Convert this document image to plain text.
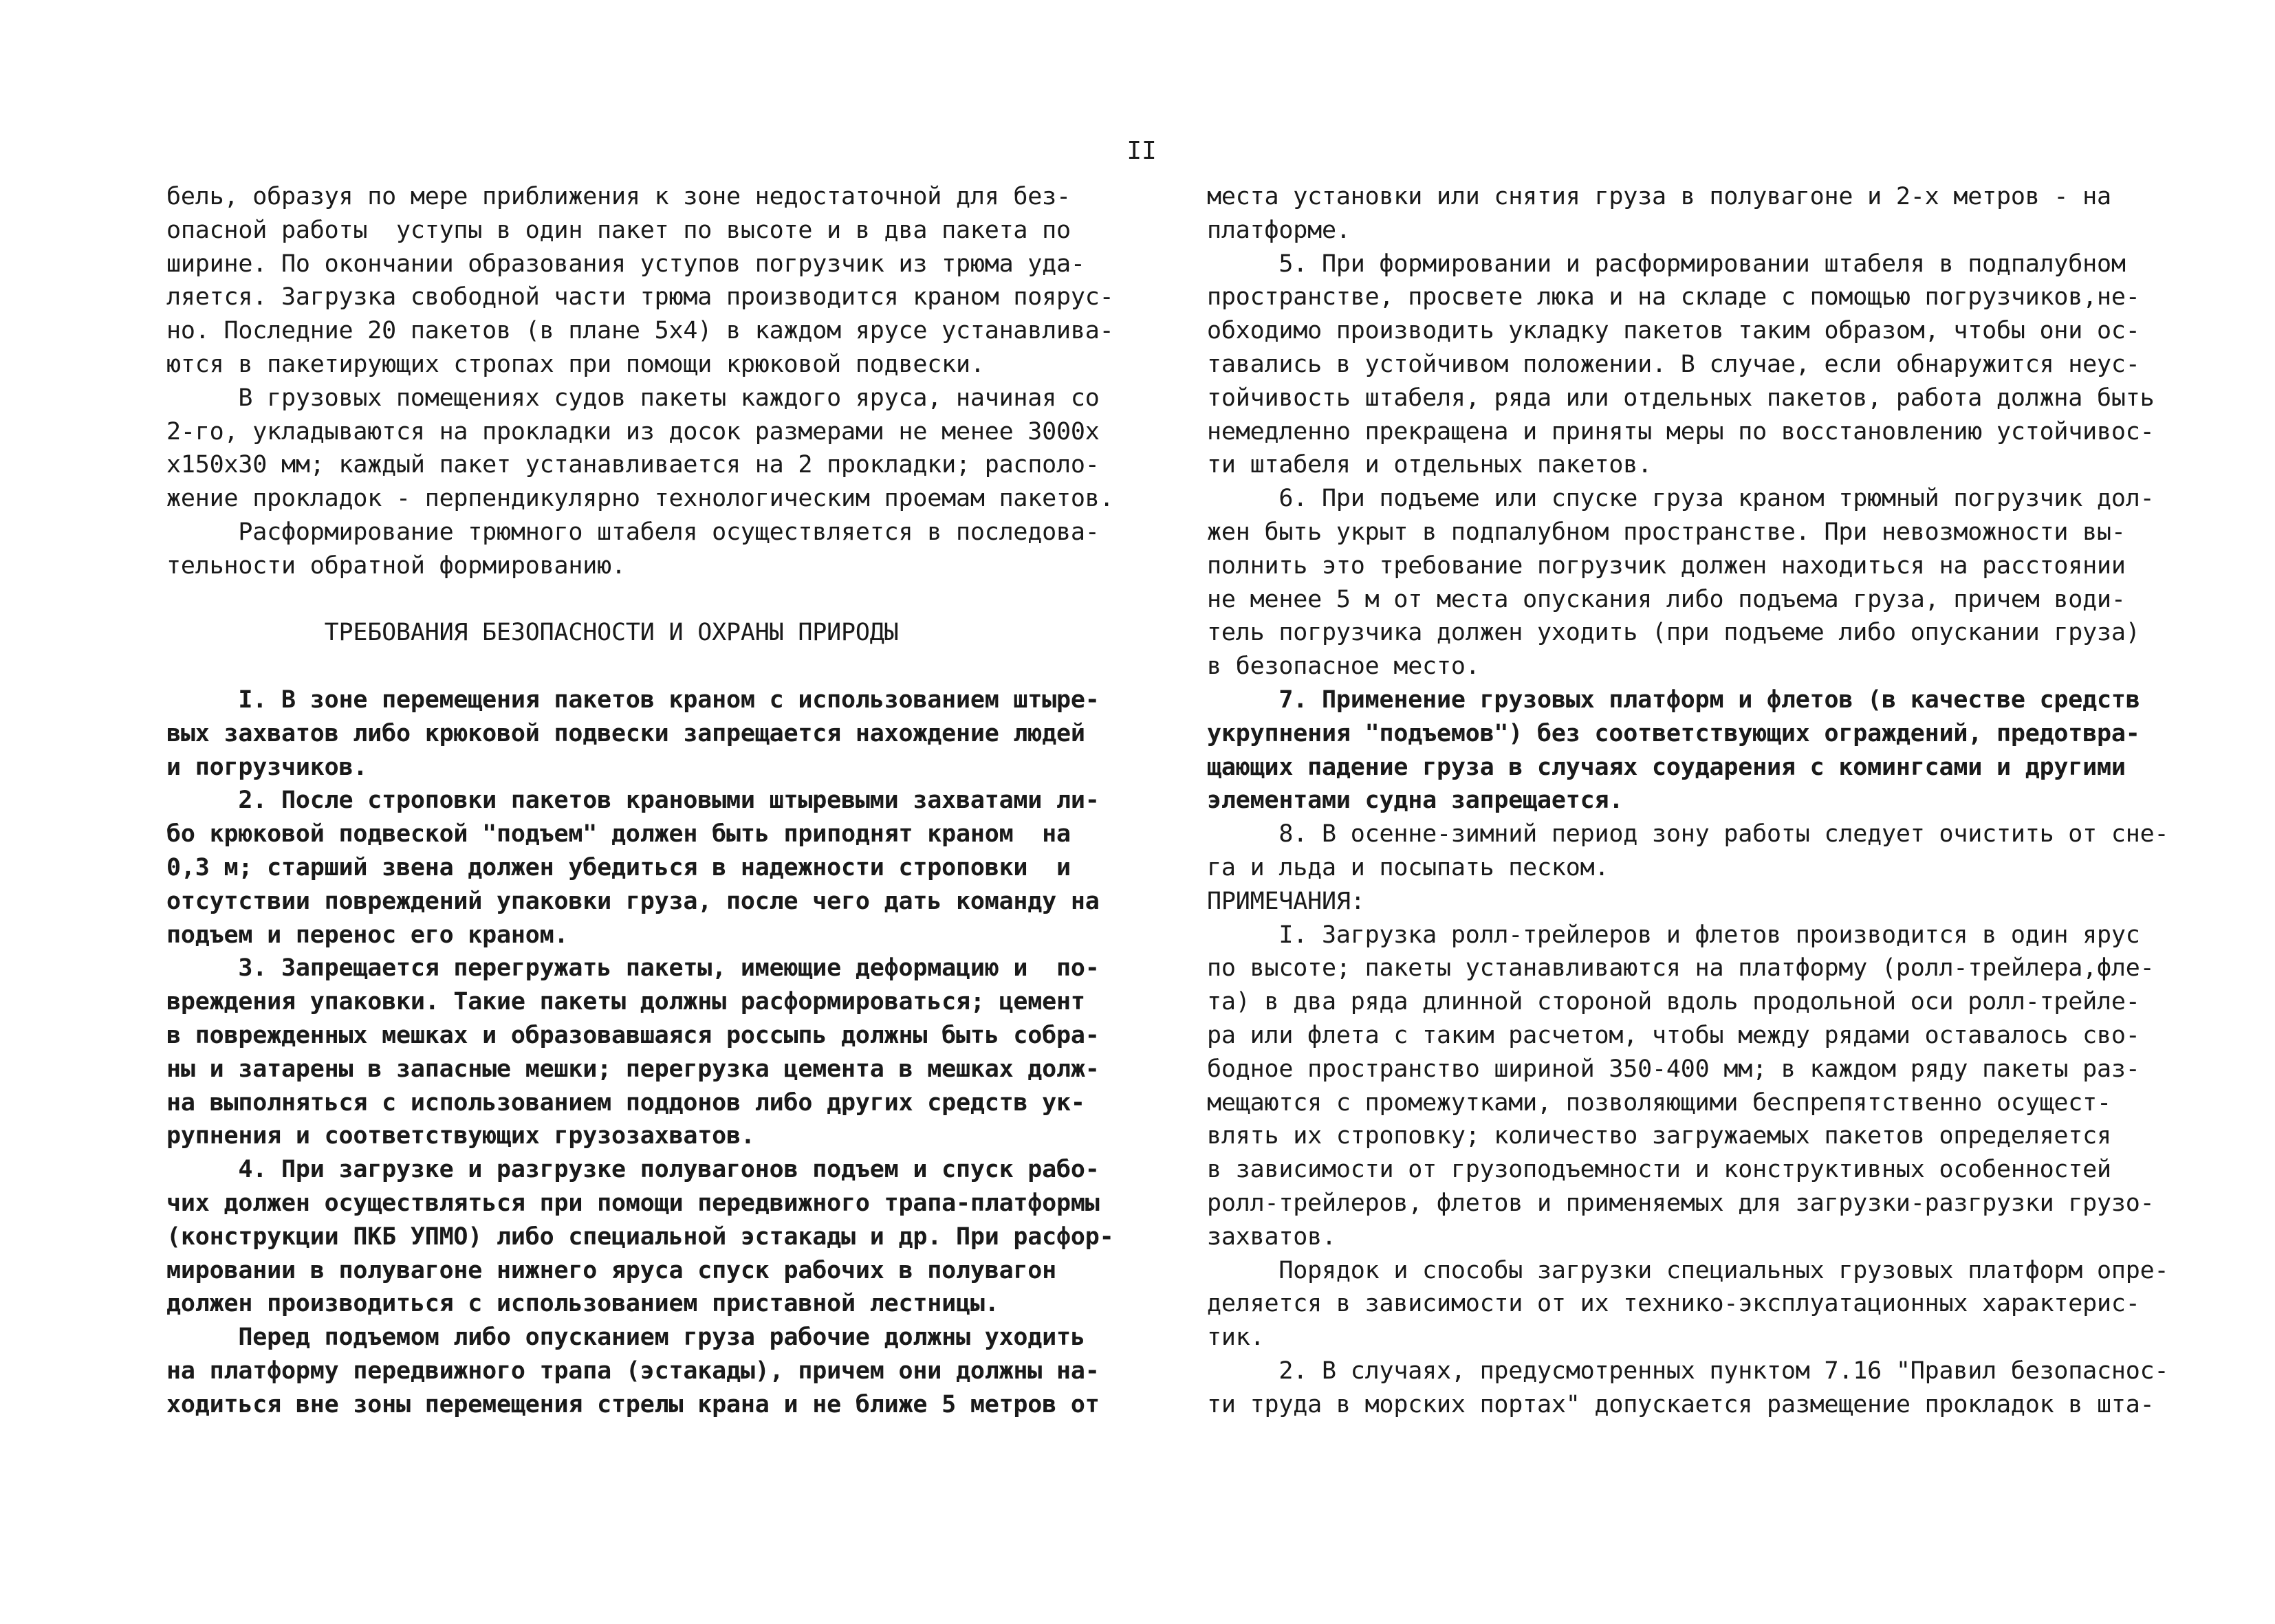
II
бель, образуя по мере приближения к зоне недостаточной для без-
опасной работы  уступы в один пакет по высоте и в два пакета по
ширине. По окончании образования уступов погрузчик из трюма уда-
ляется. Загрузка свободной части трюма производится краном поярус-
но. Последние 20 пакетов (в плане 5х4) в каждом ярусе устанавлива-
ются в пакетирующих стропах при помощи крюковой подвески.
В грузовых помещениях судов пакеты каждого яруса, начиная со
2-го, укладываются на прокладки из досок размерами не менее 3000х
х150х30 мм; каждый пакет устанавливается на 2 прокладки; располо-
жение прокладок - перпендикулярно технологическим проемам пакетов.
Расформирование трюмного штабеля осуществляется в последова-
тельности обратной формированию.
ТРЕБОВАНИЯ БЕЗОПАСНОСТИ И ОХРАНЫ ПРИРОДЫ
I. В зоне перемещения пакетов краном с использованием штыре-
вых захватов либо крюковой подвески запрещается нахождение людей
и погрузчиков.
2. После строповки пакетов крановыми штыревыми захватами ли-
бо крюковой подвеской "подъем" должен быть приподнят краном  на
0,3 м; старший звена должен убедиться в надежности строповки  и
отсутствии повреждений упаковки груза, после чего дать команду на
подъем и перенос его краном.
3. Запрещается перегружать пакеты, имеющие деформацию и  по-
вреждения упаковки. Такие пакеты должны расформироваться; цемент
в поврежденных мешках и образовавшаяся россыпь должны быть собра-
ны и затарены в запасные мешки; перегрузка цемента в мешках долж-
на выполняться с использованием поддонов либо других средств ук-
рупнения и соответствующих грузозахватов.
4. При загрузке и разгрузке полувагонов подъем и спуск рабо-
чих должен осуществляться при помощи передвижного трапа-платформы
(конструкции ПКБ УПМО) либо специальной эстакады и др. При расфор-
мировании в полувагоне нижнего яруса спуск рабочих в полувагон
должен производиться с использованием приставной лестницы.
Перед подъемом либо опусканием груза рабочие должны уходить
на платформу передвижного трапа (эстакады), причем они должны на-
ходиться вне зоны перемещения стрелы крана и не ближе 5 метров от
места установки или снятия груза в полувагоне и 2-х метров - на
платформе.
5. При формировании и расформировании штабеля в подпалубном
пространстве, просвете люка и на складе с помощью погрузчиков,не-
обходимо производить укладку пакетов таким образом, чтобы они ос-
тавались в устойчивом положении. В случае, если обнаружится неус-
тойчивость штабеля, ряда или отдельных пакетов, работа должна быть
немедленно прекращена и приняты меры по восстановлению устойчивос-
ти штабеля и отдельных пакетов.
6. При подъеме или спуске груза краном трюмный погрузчик дол-
жен быть укрыт в подпалубном пространстве. При невозможности вы-
полнить это требование погрузчик должен находиться на расстоянии
не менее 5 м от места опускания либо подъема груза, причем води-
тель погрузчика должен уходить (при подъеме либо опускании груза)
в безопасное место.
7. Применение грузовых платформ и флетов (в качестве средств
укрупнения "подъемов") без соответствующих ограждений, предотвра-
щающих падение груза в случаях соударения с комингсами и другими
элементами судна запрещается.
8. В осенне-зимний период зону работы следует очистить от сне-
га и льда и посыпать песком.
ПРИМЕЧАНИЯ:
I. Загрузка ролл-трейлеров и флетов производится в один ярус
по высоте; пакеты устанавливаются на платформу (ролл-трейлера,фле-
та) в два ряда длинной стороной вдоль продольной оси ролл-трейле-
ра или флета с таким расчетом, чтобы между рядами оставалось сво-
бодное пространство шириной 350-400 мм; в каждом ряду пакеты раз-
мещаются с промежутками, позволяющими беспрепятственно осущест-
влять их строповку; количество загружаемых пакетов определяется
в зависимости от грузоподъемности и конструктивных особенностей
ролл-трейлеров, флетов и применяемых для загрузки-разгрузки грузо-
захватов.
Порядок и способы загрузки специальных грузовых платформ опре-
деляется в зависимости от их технико-эксплуатационных характерис-
тик.
2. В случаях, предусмотренных пунктом 7.16 "Правил безопаснос-
ти труда в морских портах" допускается размещение прокладок в шта-
